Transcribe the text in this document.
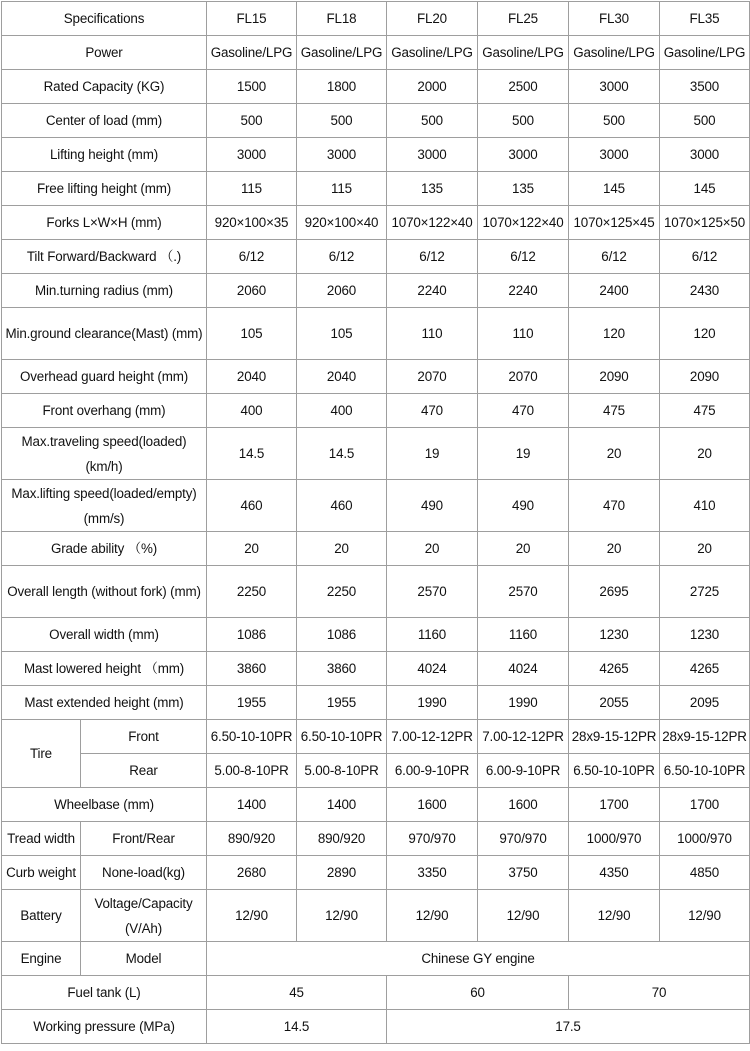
Specifications		FL15	FL18	FL20	FL25	FL30	FL35
Power		Gasoline/LPG	Gasoline/LPG	Gasoline/LPG	Gasoline/LPG	Gasoline/LPG	Gasoline/LPG
Rated Capacity (KG)		1500	1800	2000	2500	3000	3500
Center of load (mm)		500	500	500	500	500	500
Lifting height (mm)		3000	3000	3000	3000	3000	3000
Free lifting height (mm)		115	115	135	135	145	145
Forks L×W×H (mm)		920×100×35	920×100×40	1070×122×40	1070×122×40	1070×125×45	1070×125×50
Tilt Forward/Backward （.)		6/12	6/12	6/12	6/12	6/12	6/12
Min.turning radius (mm)		2060	2060	2240	2240	2400	2430
Min.ground clearance(Mast) (mm)		105	105	110	110	120	120
Overhead guard height (mm)		2040	2040	2070	2070	2090	2090
Front overhang (mm)		400	400	470	470	475	475
Max.traveling speed(loaded) (km/h)		14.5	14.5	19	19	20	20
Max.lifting speed(loaded/empty) (mm/s)		460	460	490	490	470	410
Grade ability （%)		20	20	20	20	20	20
Overall length (without fork) (mm)		2250	2250	2570	2570	2695	2725
Overall width (mm)		1086	1086	1160	1160	1230	1230
Mast lowered height （mm)		3860	3860	4024	4024	4265	4265
Mast extended height (mm)		1955	1955	1990	1990	2055	2095
Tire	Front	6.50-10-10PR	6.50-10-10PR	7.00-12-12PR	7.00-12-12PR	28x9-15-12PR	28x9-15-12PR
	Rear	5.00-8-10PR	5.00-8-10PR	6.00-9-10PR	6.00-9-10PR	6.50-10-10PR	6.50-10-10PR
Wheelbase (mm)		1400	1400	1600	1600	1700	1700
Tread width	Front/Rear	890/920	890/920	970/970	970/970	1000/970	1000/970
Curb weight	None-load(kg)	2680	2890	3350	3750	4350	4850
Battery	Voltage/Capacity (V/Ah)	12/90	12/90	12/90	12/90	12/90	12/90
Engine	Model	Chinese GY engine					
Fuel tank (L)		45		60		70	
Working pressure (MPa)		14.5		17.5			
